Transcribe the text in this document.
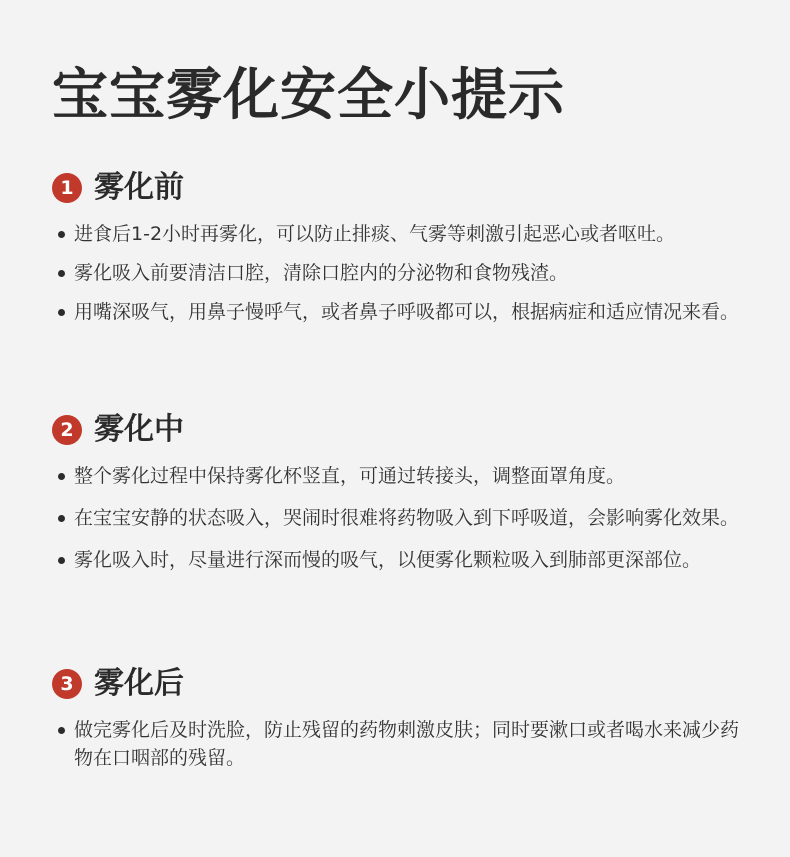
宝宝雾化安全小提示
1 雾化前
进食后1-2小时再雾化，可以防止排痰、气雾等刺激引起恶心或者呕吐。
雾化吸入前要清洁口腔，清除口腔内的分泌物和食物残渣。
用嘴深吸气，用鼻子慢呼气，或者鼻子呼吸都可以，根据病症和适应情况来看。
2 雾化中
整个雾化过程中保持雾化杯竖直，可通过转接头，调整面罩角度。
在宝宝安静的状态吸入，哭闹时很难将药物吸入到下呼吸道，会影响雾化效果。
雾化吸入时，尽量进行深而慢的吸气，以便雾化颗粒吸入到肺部更深部位。
3 雾化后
做完雾化后及时洗脸，防止残留的药物刺激皮肤；同时要漱口或者喝水来减少药物在口咽部的残留。
